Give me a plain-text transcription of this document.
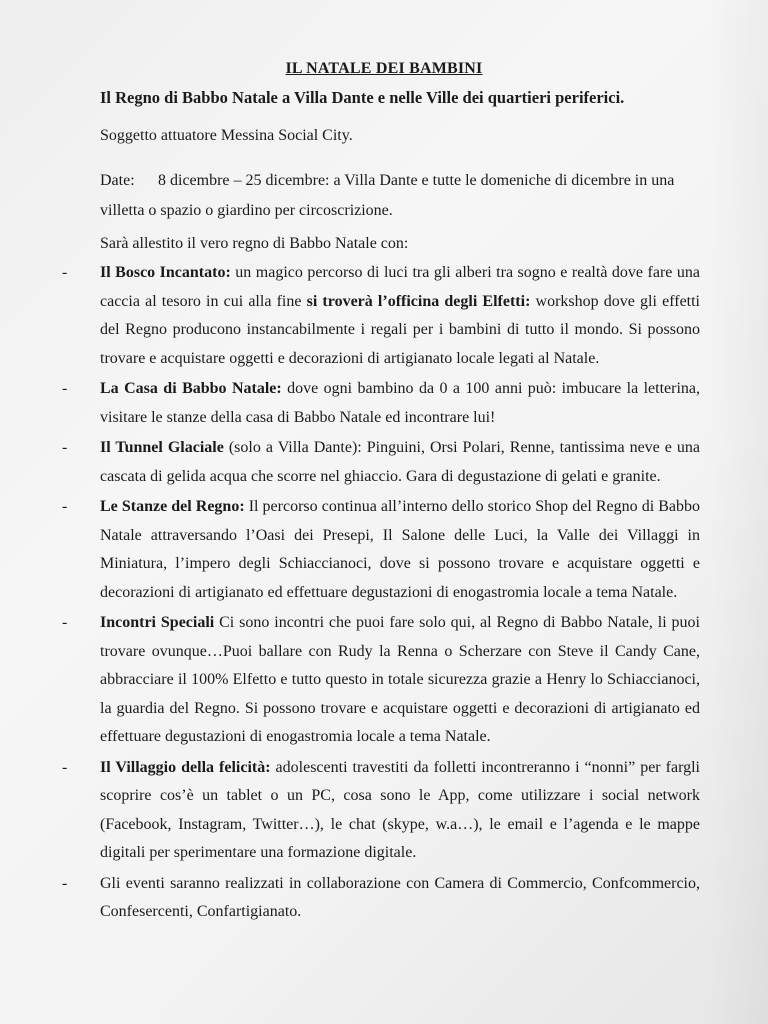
IL NATALE DEI BAMBINI
Il Regno di Babbo Natale a Villa Dante e nelle Ville dei quartieri periferici.
Soggetto attuatore Messina Social City.
Date: 8 dicembre – 25 dicembre: a Villa Dante e tutte le domeniche di dicembre in una villetta o spazio o giardino per circoscrizione.
Sarà allestito il vero regno di Babbo Natale con:
- Il Bosco Incantato: un magico percorso di luci tra gli alberi tra sogno e realtà dove fare una caccia al tesoro in cui alla fine si troverà l’officina degli Elfetti: workshop dove gli effetti del Regno producono instancabilmente i regali per i bambini di tutto il mondo. Si possono trovare e acquistare oggetti e decorazioni di artigianato locale legati al Natale.
- La Casa di Babbo Natale: dove ogni bambino da 0 a 100 anni può: imbucare la letterina, visitare le stanze della casa di Babbo Natale ed incontrare lui!
- Il Tunnel Glaciale (solo a Villa Dante): Pinguini, Orsi Polari, Renne, tantissima neve e una cascata di gelida acqua che scorre nel ghiaccio. Gara di degustazione di gelati e granite.
- Le Stanze del Regno: Il percorso continua all’interno dello storico Shop del Regno di Babbo Natale attraversando l’Oasi dei Presepi, Il Salone delle Luci, la Valle dei Villaggi in Miniatura, l’impero degli Schiaccianoci, dove si possono trovare e acquistare oggetti e decorazioni di artigianato ed effettuare degustazioni di enogastromia locale a tema Natale.
- Incontri Speciali Ci sono incontri che puoi fare solo qui, al Regno di Babbo Natale, li puoi trovare ovunque…Puoi ballare con Rudy la Renna o Scherzare con Steve il Candy Cane, abbracciare il 100% Elfetto e tutto questo in totale sicurezza grazie a Henry lo Schiaccianoci, la guardia del Regno. Si possono trovare e acquistare oggetti e decorazioni di artigianato ed effettuare degustazioni di enogastromia locale a tema Natale.
- Il Villaggio della felicità: adolescenti travestiti da folletti incontreranno i “nonni” per fargli scoprire cos’è un tablet o un PC, cosa sono le App, come utilizzare i social network (Facebook, Instagram, Twitter…), le chat (skype, w.a…), le email e l’agenda e le mappe digitali per sperimentare una formazione digitale.
- Gli eventi saranno realizzati in collaborazione con Camera di Commercio, Confcommercio, Confesercenti, Confartigianato.
